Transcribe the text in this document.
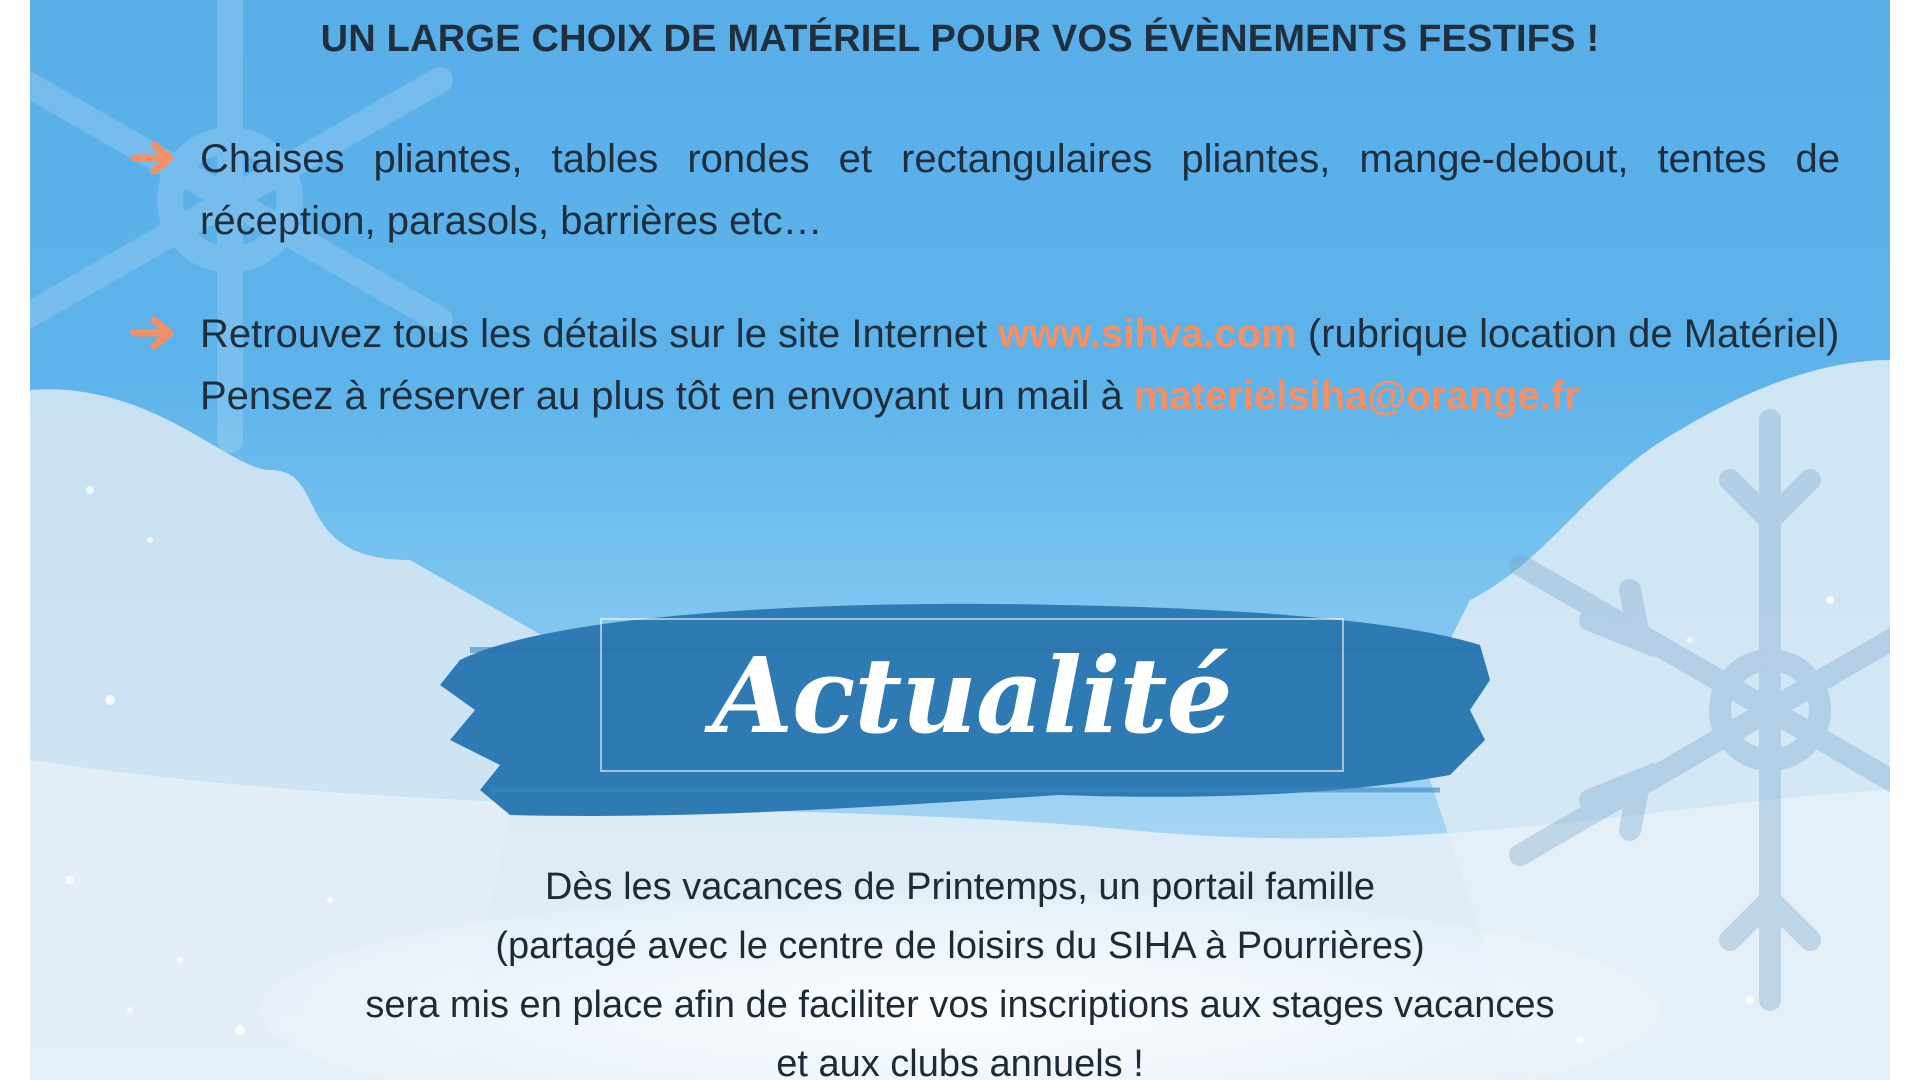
UN LARGE CHOIX DE MATÉRIEL POUR VOS ÉVÈNEMENTS FESTIFS !
Chaises pliantes, tables rondes et rectangulaires pliantes, mange-debout, tentes de réception, parasols, barrières etc…
Retrouvez tous les détails sur le site Internet www.sihva.com (rubrique location de Matériel)
Pensez à réserver au plus tôt en envoyant un mail à materielsiha@orange.fr
Actualité
Dès les vacances de Printemps, un portail famille
(partagé avec le centre de loisirs du SIHA à Pourrières)
sera mis en place afin de faciliter vos inscriptions aux stages vacances
et aux clubs annuels !
